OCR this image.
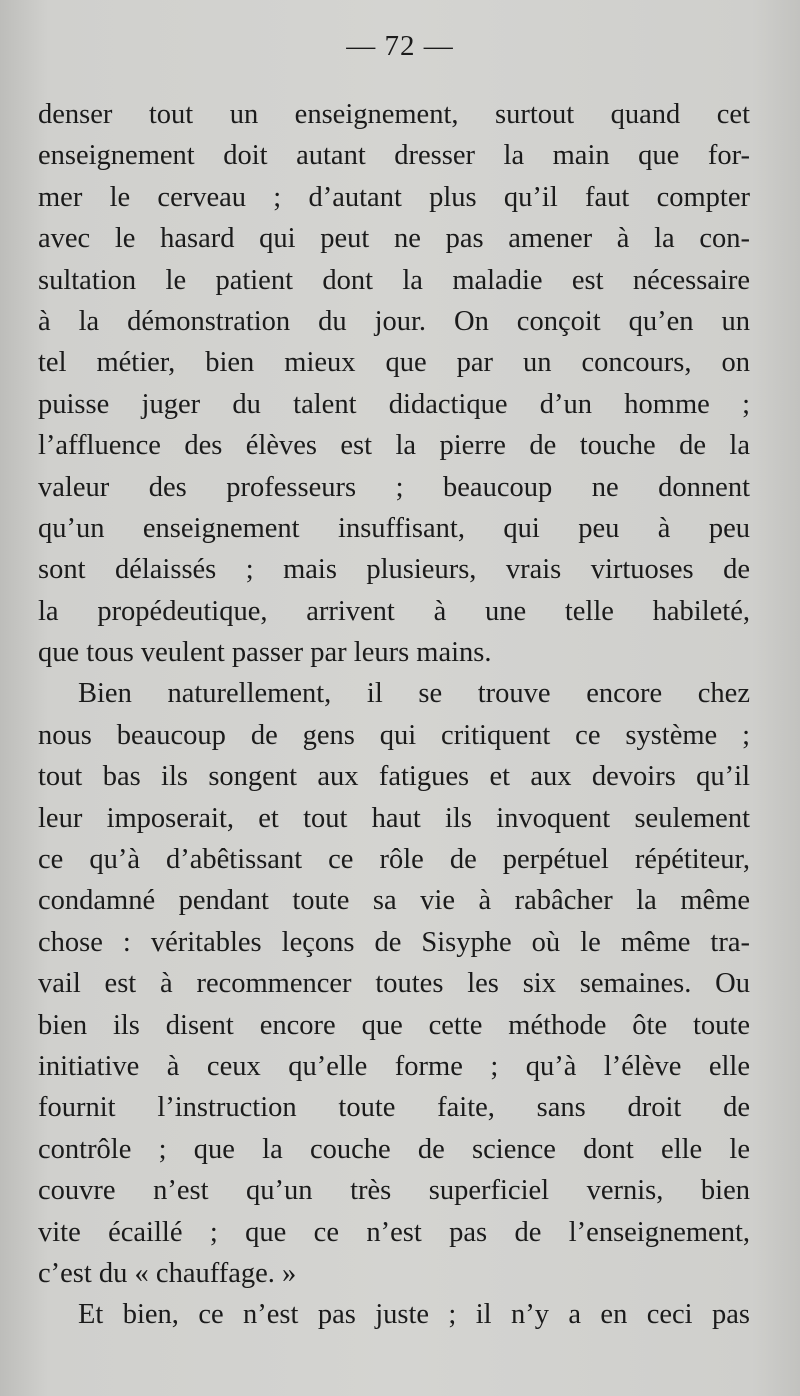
— 72 —

denser tout un enseignement, surtout quand cet
enseignement doit autant dresser la main que for-
mer le cerveau ; d’autant plus qu’il faut compter
avec le hasard qui peut ne pas amener à la con-
sultation le patient dont la maladie est nécessaire
à la démonstration du jour. On conçoit qu’en un
tel métier, bien mieux que par un concours, on
puisse juger du talent didactique d’un homme ;
l’affluence des élèves est la pierre de touche de la
valeur des professeurs ; beaucoup ne donnent
qu’un enseignement insuffisant, qui peu à peu
sont délaissés ; mais plusieurs, vrais virtuoses de
la propédeutique, arrivent à une telle habileté,
que tous veulent passer par leurs mains.
Bien naturellement, il se trouve encore chez
nous beaucoup de gens qui critiquent ce système ;
tout bas ils songent aux fatigues et aux devoirs qu’il
leur imposerait, et tout haut ils invoquent seulement
ce qu’à d’abêtissant ce rôle de perpétuel répétiteur,
condamné pendant toute sa vie à rabâcher la même
chose : véritables leçons de Sisyphe où le même tra-
vail est à recommencer toutes les six semaines. Ou
bien ils disent encore que cette méthode ôte toute
initiative à ceux qu’elle forme ; qu’à l’élève elle
fournit l’instruction toute faite, sans droit de
contrôle ; que la couche de science dont elle le
couvre n’est qu’un très superficiel vernis, bien
vite écaillé ; que ce n’est pas de l’enseignement,
c’est du « chauffage. »
Et bien, ce n’est pas juste ; il n’y a en ceci pas
